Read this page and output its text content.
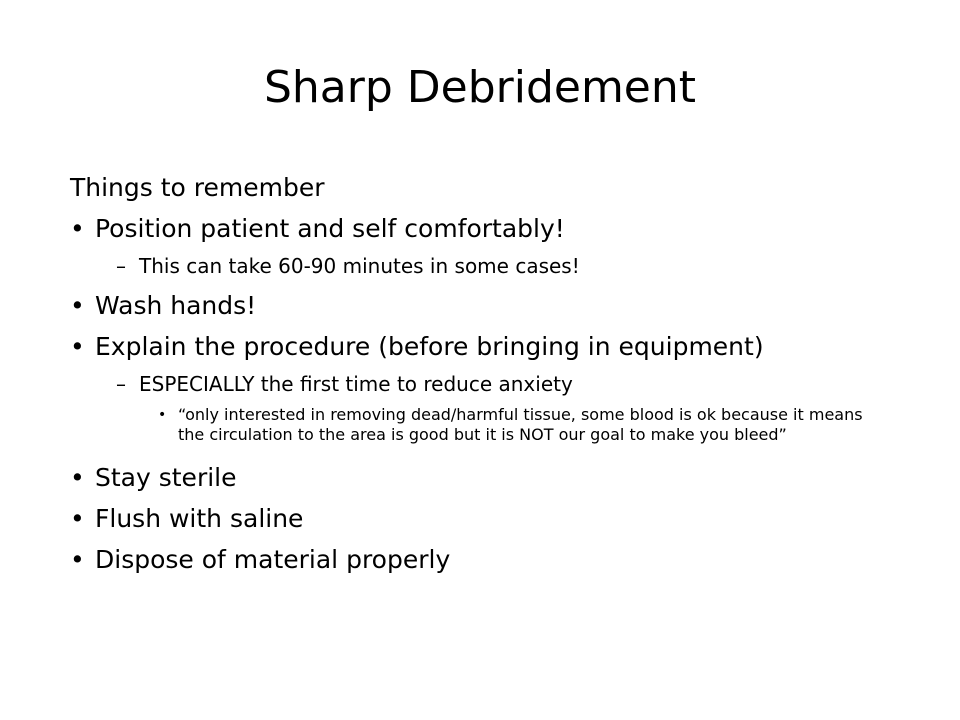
Sharp Debridement
Things to remember
• Position patient and self comfortably!
– This can take 60-90 minutes in some cases!
• Wash hands!
• Explain the procedure (before bringing in equipment)
– ESPECIALLY the first time to reduce anxiety
• “only interested in removing dead/harmful tissue, some blood is ok because it means the circulation to the area is good but it is NOT our goal to make you bleed”
• Stay sterile
• Flush with saline
• Dispose of material properly
